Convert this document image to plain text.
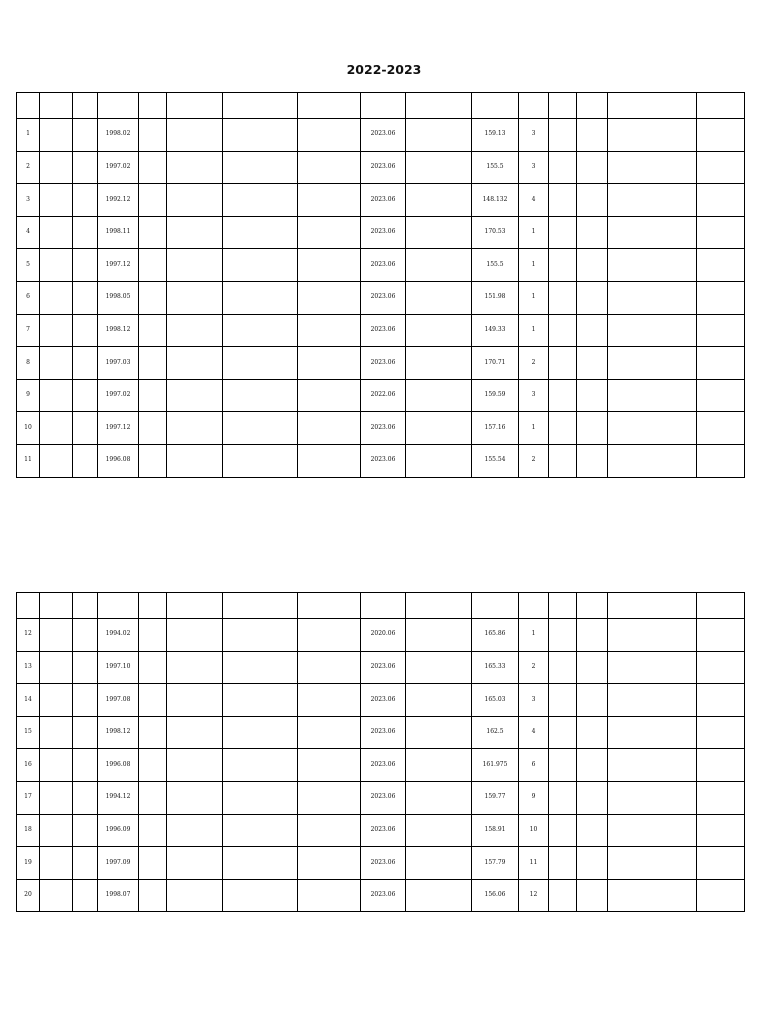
2022-2023

1			1998.02					2023.06		159.13	3				
2			1997.02					2023.06		155.5	3				
3			1992.12					2023.06		148.132	4				
4			1998.11					2023.06		170.53	1				
5			1997.12					2023.06		155.5	1				
6			1998.05					2023.06		151.98	1				
7			1998.12					2023.06		149.33	1				
8			1997.03					2023.06		170.71	2				
9			1997.02					2022.06		159.59	3				
10			1997.12					2023.06		157.16	1				
11			1996.08					2023.06		155.54	2				

12			1994.02					2020.06		165.86	1				
13			1997.10					2023.06		165.33	2				
14			1997.08					2023.06		165.03	3				
15			1998.12					2023.06		162.5	4				
16			1996.08					2023.06		161.975	6				
17			1994.12					2023.06		159.77	9				
18			1996.09					2023.06		158.91	10				
19			1997.09					2023.06		157.79	11				
20			1998.07					2023.06		156.06	12				
